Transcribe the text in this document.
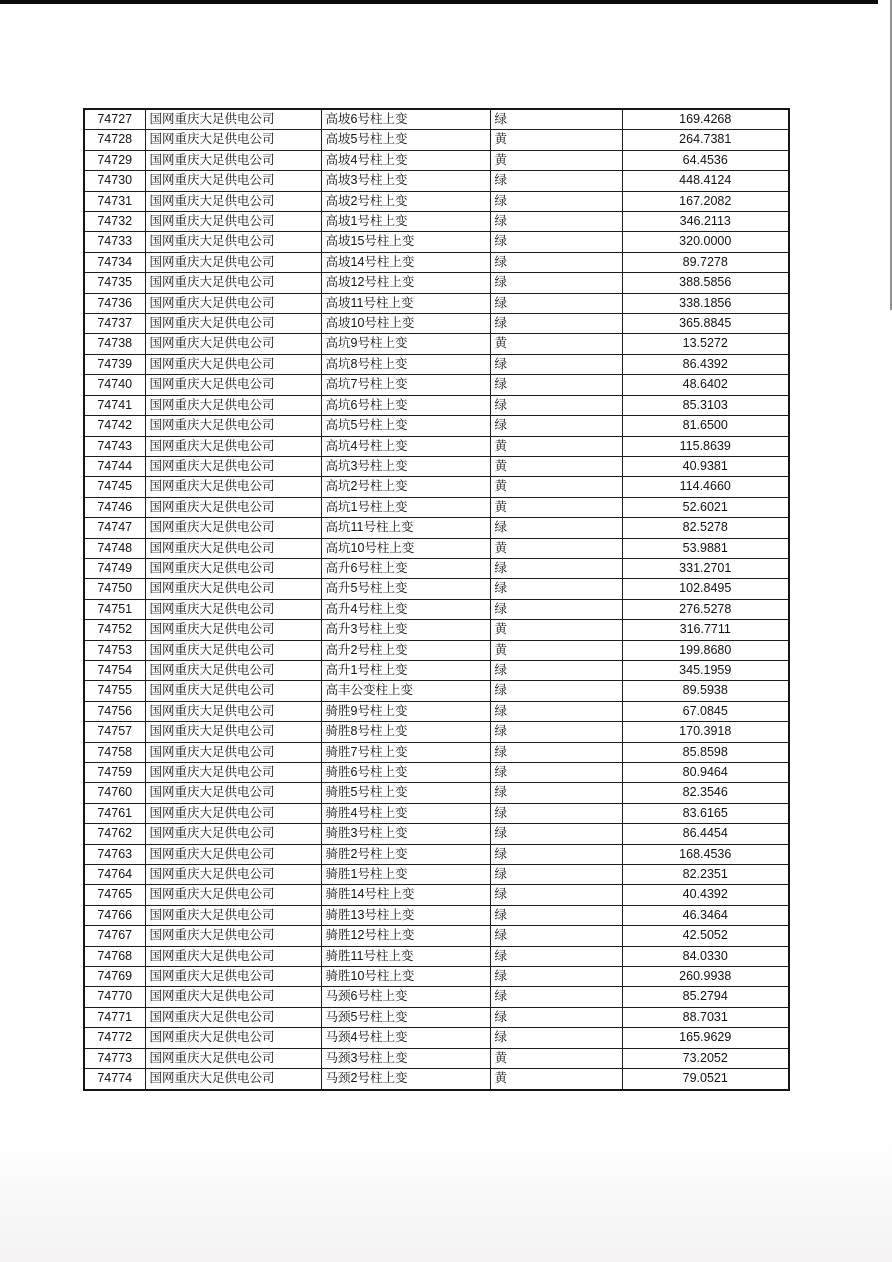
74727	国网重庆大足供电公司	高坡6号柱上变	绿	169.4268
74728	国网重庆大足供电公司	高坡5号柱上变	黄	264.7381
74729	国网重庆大足供电公司	高坡4号柱上变	黄	64.4536
74730	国网重庆大足供电公司	高坡3号柱上变	绿	448.4124
74731	国网重庆大足供电公司	高坡2号柱上变	绿	167.2082
74732	国网重庆大足供电公司	高坡1号柱上变	绿	346.2113
74733	国网重庆大足供电公司	高坡15号柱上变	绿	320.0000
74734	国网重庆大足供电公司	高坡14号柱上变	绿	89.7278
74735	国网重庆大足供电公司	高坡12号柱上变	绿	388.5856
74736	国网重庆大足供电公司	高坡11号柱上变	绿	338.1856
74737	国网重庆大足供电公司	高坡10号柱上变	绿	365.8845
74738	国网重庆大足供电公司	高坑9号柱上变	黄	13.5272
74739	国网重庆大足供电公司	高坑8号柱上变	绿	86.4392
74740	国网重庆大足供电公司	高坑7号柱上变	绿	48.6402
74741	国网重庆大足供电公司	高坑6号柱上变	绿	85.3103
74742	国网重庆大足供电公司	高坑5号柱上变	绿	81.6500
74743	国网重庆大足供电公司	高坑4号柱上变	黄	115.8639
74744	国网重庆大足供电公司	高坑3号柱上变	黄	40.9381
74745	国网重庆大足供电公司	高坑2号柱上变	黄	114.4660
74746	国网重庆大足供电公司	高坑1号柱上变	黄	52.6021
74747	国网重庆大足供电公司	高坑11号柱上变	绿	82.5278
74748	国网重庆大足供电公司	高坑10号柱上变	黄	53.9881
74749	国网重庆大足供电公司	高升6号柱上变	绿	331.2701
74750	国网重庆大足供电公司	高升5号柱上变	绿	102.8495
74751	国网重庆大足供电公司	高升4号柱上变	绿	276.5278
74752	国网重庆大足供电公司	高升3号柱上变	黄	316.7711
74753	国网重庆大足供电公司	高升2号柱上变	黄	199.8680
74754	国网重庆大足供电公司	高升1号柱上变	绿	345.1959
74755	国网重庆大足供电公司	高丰公变柱上变	绿	89.5938
74756	国网重庆大足供电公司	骑胜9号柱上变	绿	67.0845
74757	国网重庆大足供电公司	骑胜8号柱上变	绿	170.3918
74758	国网重庆大足供电公司	骑胜7号柱上变	绿	85.8598
74759	国网重庆大足供电公司	骑胜6号柱上变	绿	80.9464
74760	国网重庆大足供电公司	骑胜5号柱上变	绿	82.3546
74761	国网重庆大足供电公司	骑胜4号柱上变	绿	83.6165
74762	国网重庆大足供电公司	骑胜3号柱上变	绿	86.4454
74763	国网重庆大足供电公司	骑胜2号柱上变	绿	168.4536
74764	国网重庆大足供电公司	骑胜1号柱上变	绿	82.2351
74765	国网重庆大足供电公司	骑胜14号柱上变	绿	40.4392
74766	国网重庆大足供电公司	骑胜13号柱上变	绿	46.3464
74767	国网重庆大足供电公司	骑胜12号柱上变	绿	42.5052
74768	国网重庆大足供电公司	骑胜11号柱上变	绿	84.0330
74769	国网重庆大足供电公司	骑胜10号柱上变	绿	260.9938
74770	国网重庆大足供电公司	马颈6号柱上变	绿	85.2794
74771	国网重庆大足供电公司	马颈5号柱上变	绿	88.7031
74772	国网重庆大足供电公司	马颈4号柱上变	绿	165.9629
74773	国网重庆大足供电公司	马颈3号柱上变	黄	73.2052
74774	国网重庆大足供电公司	马颈2号柱上变	黄	79.0521
